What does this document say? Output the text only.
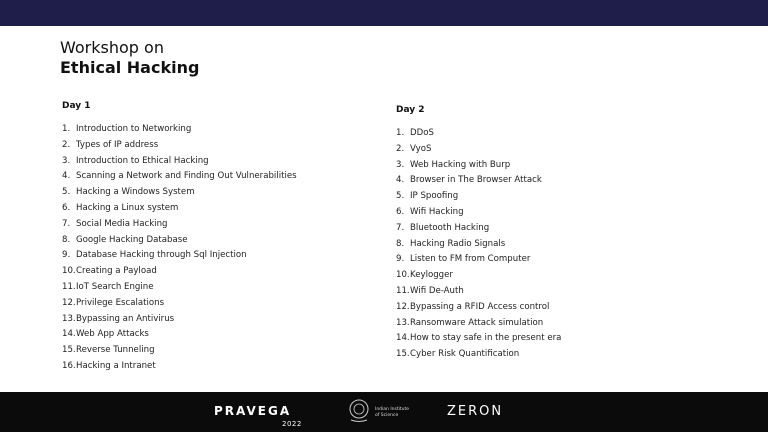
Workshop on
Ethical Hacking
Day 1
1. Introduction to Networking
2. Types of IP address
3. Introduction to Ethical Hacking
4. Scanning a Network and Finding Out Vulnerabilities
5. Hacking a Windows System
6. Hacking a Linux system
7. Social Media Hacking
8. Google Hacking Database
9. Database Hacking through Sql Injection
10. Creating a Payload
11. IoT Search Engine
12. Privilege Escalations
13. Bypassing an Antivirus
14. Web App Attacks
15. Reverse Tunneling
16. Hacking a Intranet
Day 2
1. DDoS
2. VyoS
3. Web Hacking with Burp
4. Browser in The Browser Attack
5. IP Spoofing
6. Wifi Hacking
7. Bluetooth Hacking
8. Hacking Radio Signals
9. Listen to FM from Computer
10. Keylogger
11. Wifi De-Auth
12. Bypassing a RFID Access control
13. Ransomware Attack simulation
14. How to stay safe in the present era
15. Cyber Risk Quantification
PRAVEGA
2022
Indian Institute
of Science	ZERON
